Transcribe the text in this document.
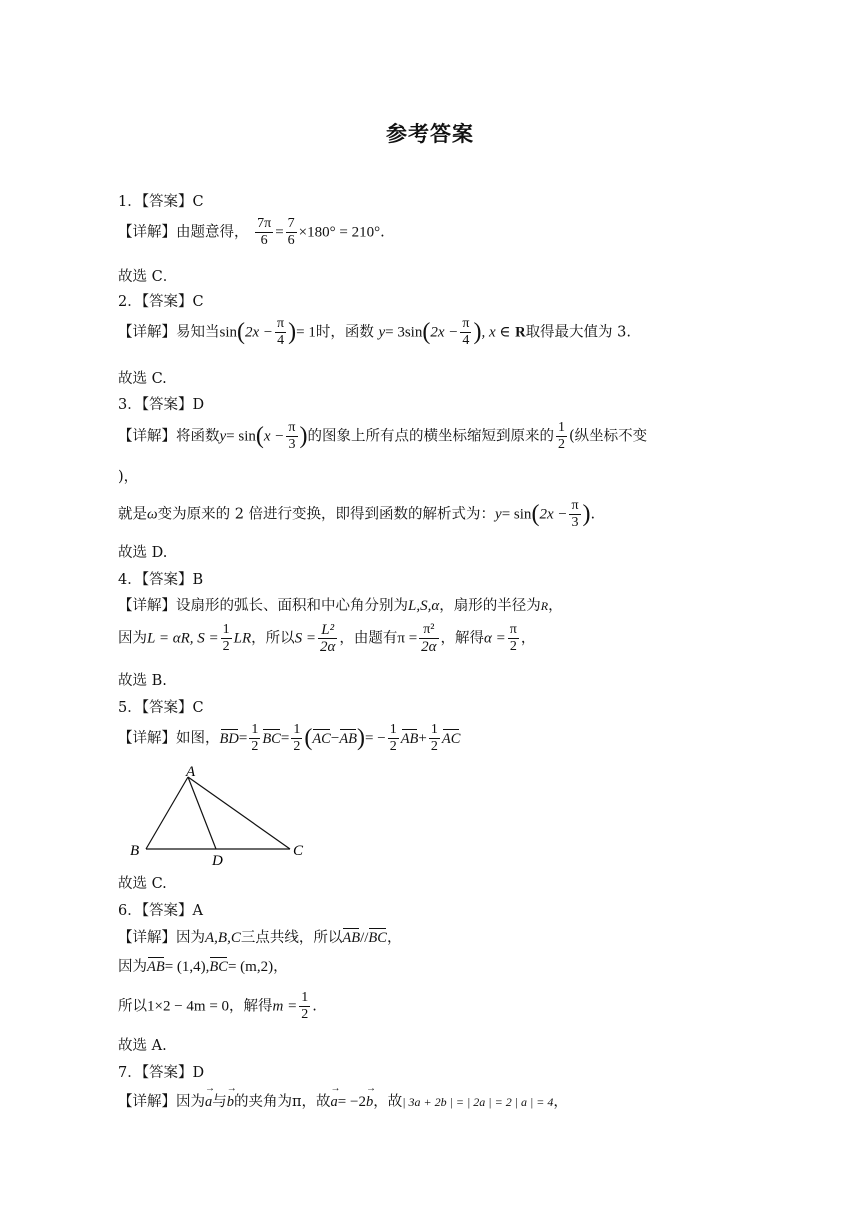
参考答案
1．【答案】C
【详解】由题意得， $\frac{7\pi}{6} = \frac{7}{6} \times 180^\circ = 210^\circ$.
故选 C．
2．【答案】C
【详解】易知当$\sin(2x - \frac{\pi}{4}$ )= 1时，函数 $y= 3\sin(2x - \frac{\pi}{4}$ ), x ∈ R取得最大值为 3.
故选 C.
3．【答案】D
【详解】将函数$y= \sin(x - \frac{\pi}{3}$ )的图象上所有点的横坐标缩短到原来的 $\frac{1}{2}$ (纵坐标不变
)，
就是ω变为原来的 2 倍进行变换，即得到函数的解析式为：$y= \sin(2x - \frac{\pi}{3}$ ).
故选 D.
4．【答案】B
【详解】设扇形的弧长、面积和中心角分别为L,S,α，扇形的半径为R，
因为L = αR, $S = \frac{1}{2}$ LR，所以$S = \frac{\text{L²}}{2\alpha}$ ，由题有$\pi = \frac{\text{π²}}{2\alpha}$ ，解得$\alpha = \frac{\pi}{2}$ ，
故选 B.
5．【答案】C
【详解】如图，$BD= \frac{1}{2} BC= \frac{1}{2} (AC-AB)= - \frac{1}{2} AB+ \frac{1}{2}$ AC
A
B	C
D
故选 C.
6．【答案】A
【详解】因为A,B,C三点共线，所以AB//BC，
因为AB= (1,4),BC= (m,2)，
所以1×2 − 4m = 0，解得$m = \frac{1}{2}$ .
故选 A.
7．【答案】D
【详解】因为→ a与→ b的夹角为π，故→ a= −2→ b，故| 3a + 2b | = | 2a | = 2 | a | = 4，
